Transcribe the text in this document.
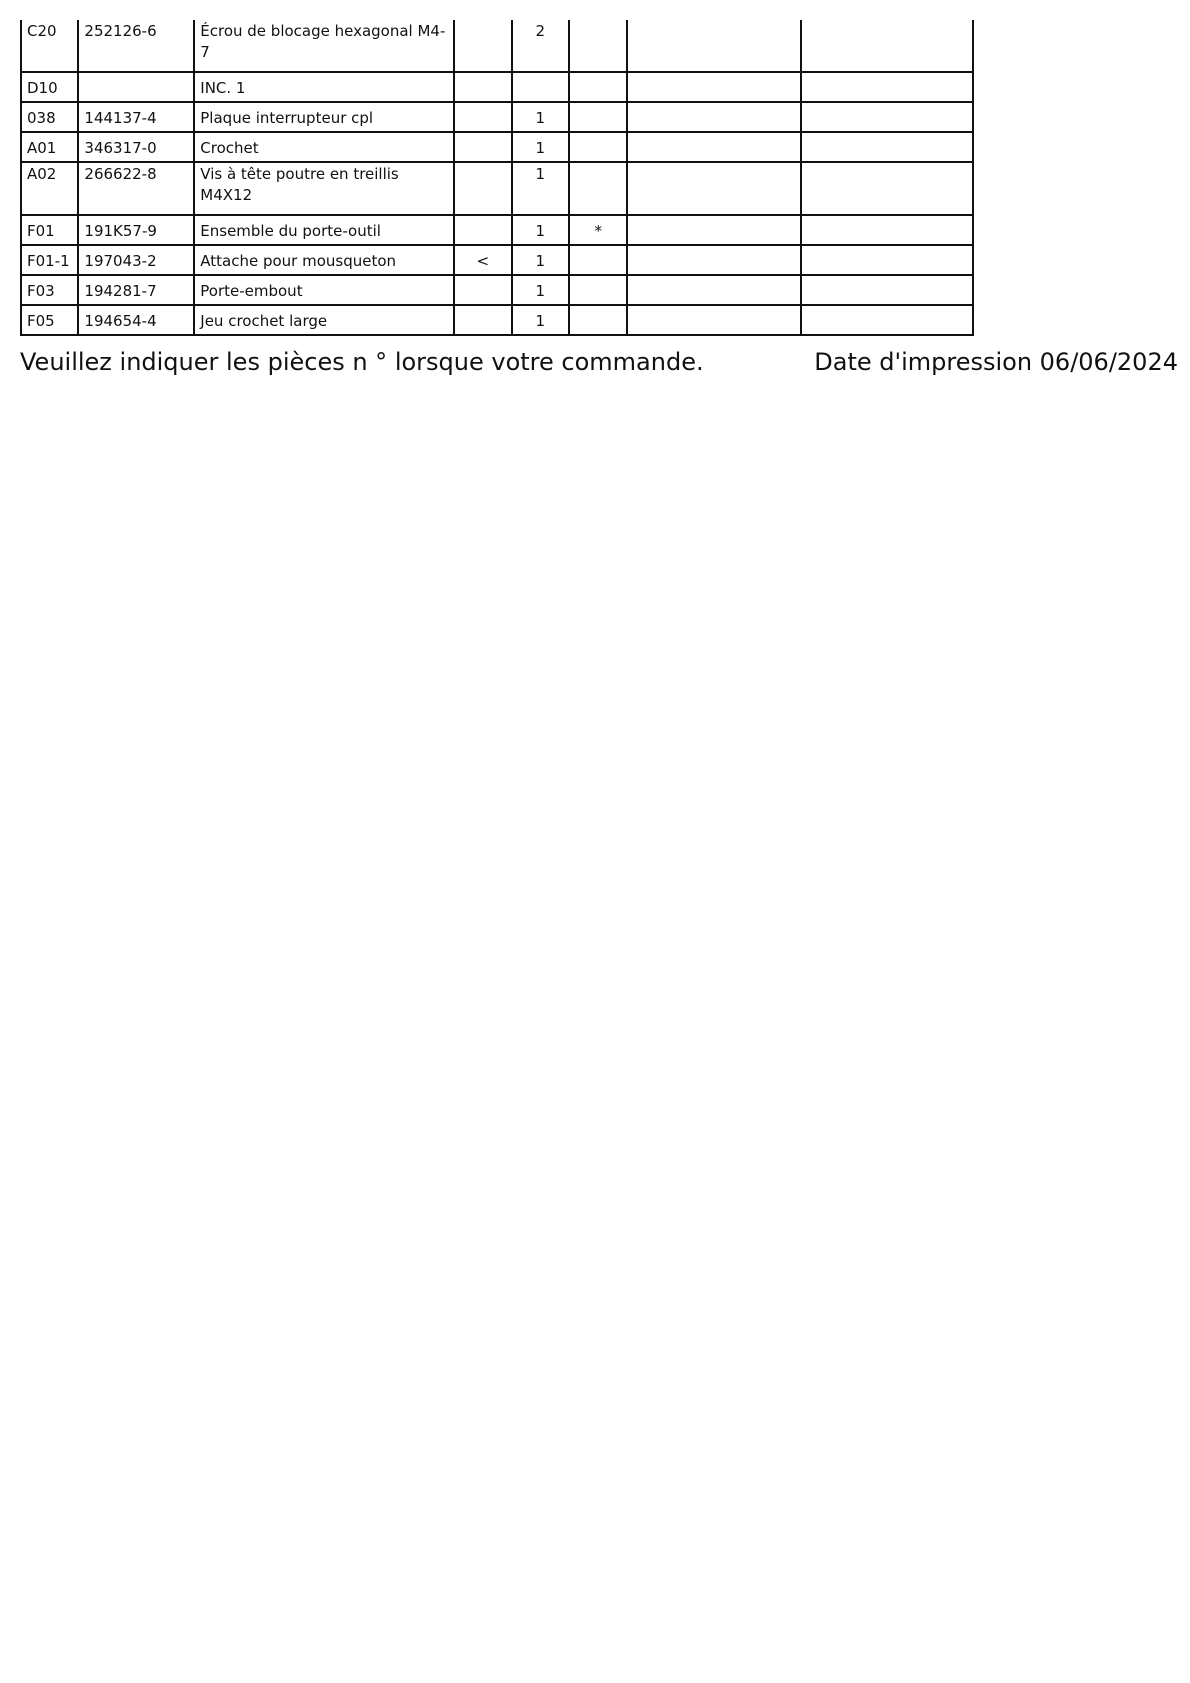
C20	252126-6	Écrou de blocage hexagonal M4-7		2			
D10		INC. 1					
038	144137-4	Plaque interrupteur cpl		1			
A01	346317-0	Crochet		1			
A02	266622-8	Vis à tête poutre en treillis M4X12		1			
F01	191K57-9	Ensemble du porte-outil		1	*		
F01-1	197043-2	Attache pour mousqueton	<	1			
F03	194281-7	Porte-embout		1			
F05	194654-4	Jeu crochet large		1			
Veuillez indiquer les pièces n ° lorsque votre commande.	Date d'impression 06/06/2024
